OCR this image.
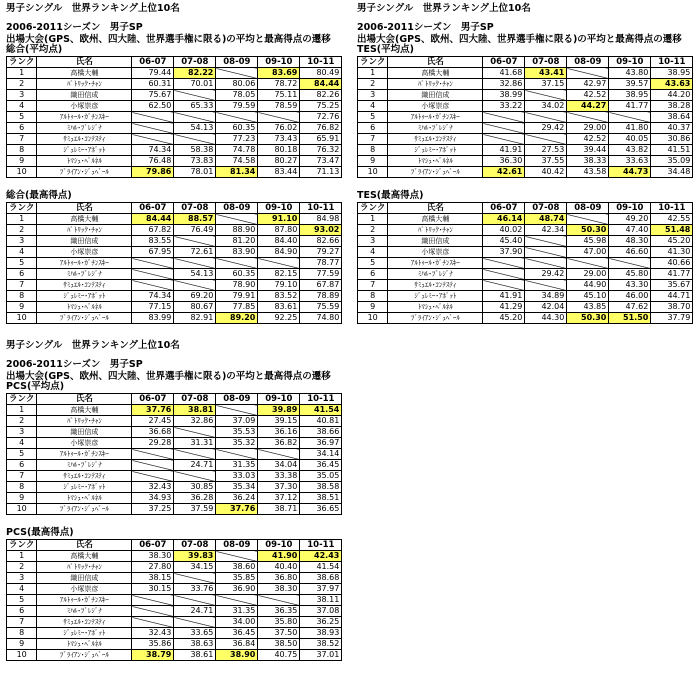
男子シングル　世界ランキング上位10名
2006-2011シーズン　男子SP
出場大会(GPS、欧州、四大陸、世界選手権に限る)の平均と最高得点の遷移
男子シングル　世界ランキング上位10名
2006-2011シーズン　男子SP
出場大会(GPS、欧州、四大陸、世界選手権に限る)の平均と最高得点の遷移
男子シングル　世界ランキング上位10名
2006-2011シーズン　男子SP
出場大会(GPS、欧州、四大陸、世界選手権に限る)の平均と最高得点の遷移
総合(平均点)
ランク	氏名	06-07	07-08	08-09	09-10	10-11
1	高橋大輔	79.44	82.22		83.69	80.49
2	ﾊﾟﾄﾘｯｸ･ﾁｬﾝ	60.31	70.01	80.06	78.72	84.44
3	織田信成	75.67		78.05	75.11	82.26
4	小塚崇彦	62.50	65.33	79.59	78.59	75.25
5	ｱﾙﾄｩｰﾙ･ｶﾞﾁﾝｽｷｰ					72.76
6	ﾐﾊﾙ･ﾌﾞﾚｼﾞﾅ		54.13	60.35	76.02	76.82
7	ｻﾐｭｴﾙ･ｺﾝﾃｽﾃｨ			77.23	73.43	65.91
8	ｼﾞｪﾚﾐｰ･ｱﾎﾞｯﾄ	74.34	58.38	74.78	80.18	76.32
9	ﾄﾏｼｭ･ﾍﾞﾙﾈﾙ	76.48	73.83	74.58	80.27	73.47
10	ﾌﾞﾗｲｱﾝ･ｼﾞｭﾍﾞｰﾙ	79.86	78.01	81.34	83.44	71.13
総合(最高得点)
ランク	氏名	06-07	07-08	08-09	09-10	10-11
1	高橋大輔	84.44	88.57		91.10	84.98
2	ﾊﾟﾄﾘｯｸ･ﾁｬﾝ	67.82	76.49	88.90	87.80	93.02
3	織田信成	83.55		81.20	84.40	82.66
4	小塚崇彦	67.95	72.61	83.90	84.90	79.27
5	ｱﾙﾄｩｰﾙ･ｶﾞﾁﾝｽｷｰ					78.77
6	ﾐﾊﾙ･ﾌﾞﾚｼﾞﾅ		54.13	60.35	82.15	77.59
7	ｻﾐｭｴﾙ･ｺﾝﾃｽﾃｨ			78.90	79.10	67.87
8	ｼﾞｪﾚﾐｰ･ｱﾎﾞｯﾄ	74.34	69.20	79.91	83.52	78.89
9	ﾄﾏｼｭ･ﾍﾞﾙﾈﾙ	77.15	80.67	77.85	83.61	75.59
10	ﾌﾞﾗｲｱﾝ･ｼﾞｭﾍﾞｰﾙ	83.99	82.91	89.20	92.25	74.80
TES(平均点)
ランク	氏名	06-07	07-08	08-09	09-10	10-11
1	高橋大輔	41.68	43.41		43.80	38.95
2	ﾊﾟﾄﾘｯｸ･ﾁｬﾝ	32.86	37.15	42.97	39.57	43.63
3	織田信成	38.99		42.52	38.95	44.20
4	小塚崇彦	33.22	34.02	44.27	41.77	38.28
5	ｱﾙﾄｩｰﾙ･ｶﾞﾁﾝｽｷｰ					38.64
6	ﾐﾊﾙ･ﾌﾞﾚｼﾞﾅ		29.42	29.00	41.80	40.37
7	ｻﾐｭｴﾙ･ｺﾝﾃｽﾃｨ			42.52	40.05	30.86
8	ｼﾞｪﾚﾐｰ･ｱﾎﾞｯﾄ	41.91	27.53	39.44	43.82	41.51
9	ﾄﾏｼｭ･ﾍﾞﾙﾈﾙ	36.30	37.55	38.33	33.63	35.09
10	ﾌﾞﾗｲｱﾝ･ｼﾞｭﾍﾞｰﾙ	42.61	40.42	43.58	44.73	34.48
TES(最高得点)
ランク	氏名	06-07	07-08	08-09	09-10	10-11
1	高橋大輔	46.14	48.74		49.20	42.55
2	ﾊﾟﾄﾘｯｸ･ﾁｬﾝ	40.02	42.34	50.30	47.40	51.48
3	織田信成	45.40		45.98	48.30	45.20
4	小塚崇彦	37.90		47.00	46.60	41.30
5	ｱﾙﾄｩｰﾙ･ｶﾞﾁﾝｽｷｰ					40.66
6	ﾐﾊﾙ･ﾌﾞﾚｼﾞﾅ		29.42	29.00	45.80	41.77
7	ｻﾐｭｴﾙ･ｺﾝﾃｽﾃｨ			44.90	43.30	35.67
8	ｼﾞｪﾚﾐｰ･ｱﾎﾞｯﾄ	41.91	34.89	45.10	46.00	44.71
9	ﾄﾏｼｭ･ﾍﾞﾙﾈﾙ	41.29	42.04	43.85	47.62	38.70
10	ﾌﾞﾗｲｱﾝ･ｼﾞｭﾍﾞｰﾙ	45.20	44.30	50.30	51.50	37.79
PCS(平均点)
ランク	氏名	06-07	07-08	08-09	09-10	10-11
1	高橋大輔	37.76	38.81		39.89	41.54
2	ﾊﾟﾄﾘｯｸ･ﾁｬﾝ	27.45	32.86	37.09	39.15	40.81
3	織田信成	36.68		35.53	36.16	38.66
4	小塚崇彦	29.28	31.31	35.32	36.82	36.97
5	ｱﾙﾄｩｰﾙ･ｶﾞﾁﾝｽｷｰ					34.14
6	ﾐﾊﾙ･ﾌﾞﾚｼﾞﾅ		24.71	31.35	34.04	36.45
7	ｻﾐｭｴﾙ･ｺﾝﾃｽﾃｨ			33.03	33.38	35.05
8	ｼﾞｪﾚﾐｰ･ｱﾎﾞｯﾄ	32.43	30.85	35.34	37.30	38.58
9	ﾄﾏｼｭ･ﾍﾞﾙﾈﾙ	34.93	36.28	36.24	37.12	38.51
10	ﾌﾞﾗｲｱﾝ･ｼﾞｭﾍﾞｰﾙ	37.25	37.59	37.76	38.71	36.65
PCS(最高得点)
ランク	氏名	06-07	07-08	08-09	09-10	10-11
1	高橋大輔	38.30	39.83		41.90	42.43
2	ﾊﾟﾄﾘｯｸ･ﾁｬﾝ	27.80	34.15	38.60	40.40	41.54
3	織田信成	38.15		35.85	36.80	38.68
4	小塚崇彦	30.15	33.76	36.90	38.30	37.97
5	ｱﾙﾄｩｰﾙ･ｶﾞﾁﾝｽｷｰ					38.11
6	ﾐﾊﾙ･ﾌﾞﾚｼﾞﾅ		24.71	31.35	36.35	37.08
7	ｻﾐｭｴﾙ･ｺﾝﾃｽﾃｨ			34.00	35.80	36.25
8	ｼﾞｪﾚﾐｰ･ｱﾎﾞｯﾄ	32.43	33.65	36.45	37.50	38.93
9	ﾄﾏｼｭ･ﾍﾞﾙﾈﾙ	35.86	38.63	36.84	38.50	38.52
10	ﾌﾞﾗｲｱﾝ･ｼﾞｭﾍﾞｰﾙ	38.79	38.61	38.90	40.75	37.01
